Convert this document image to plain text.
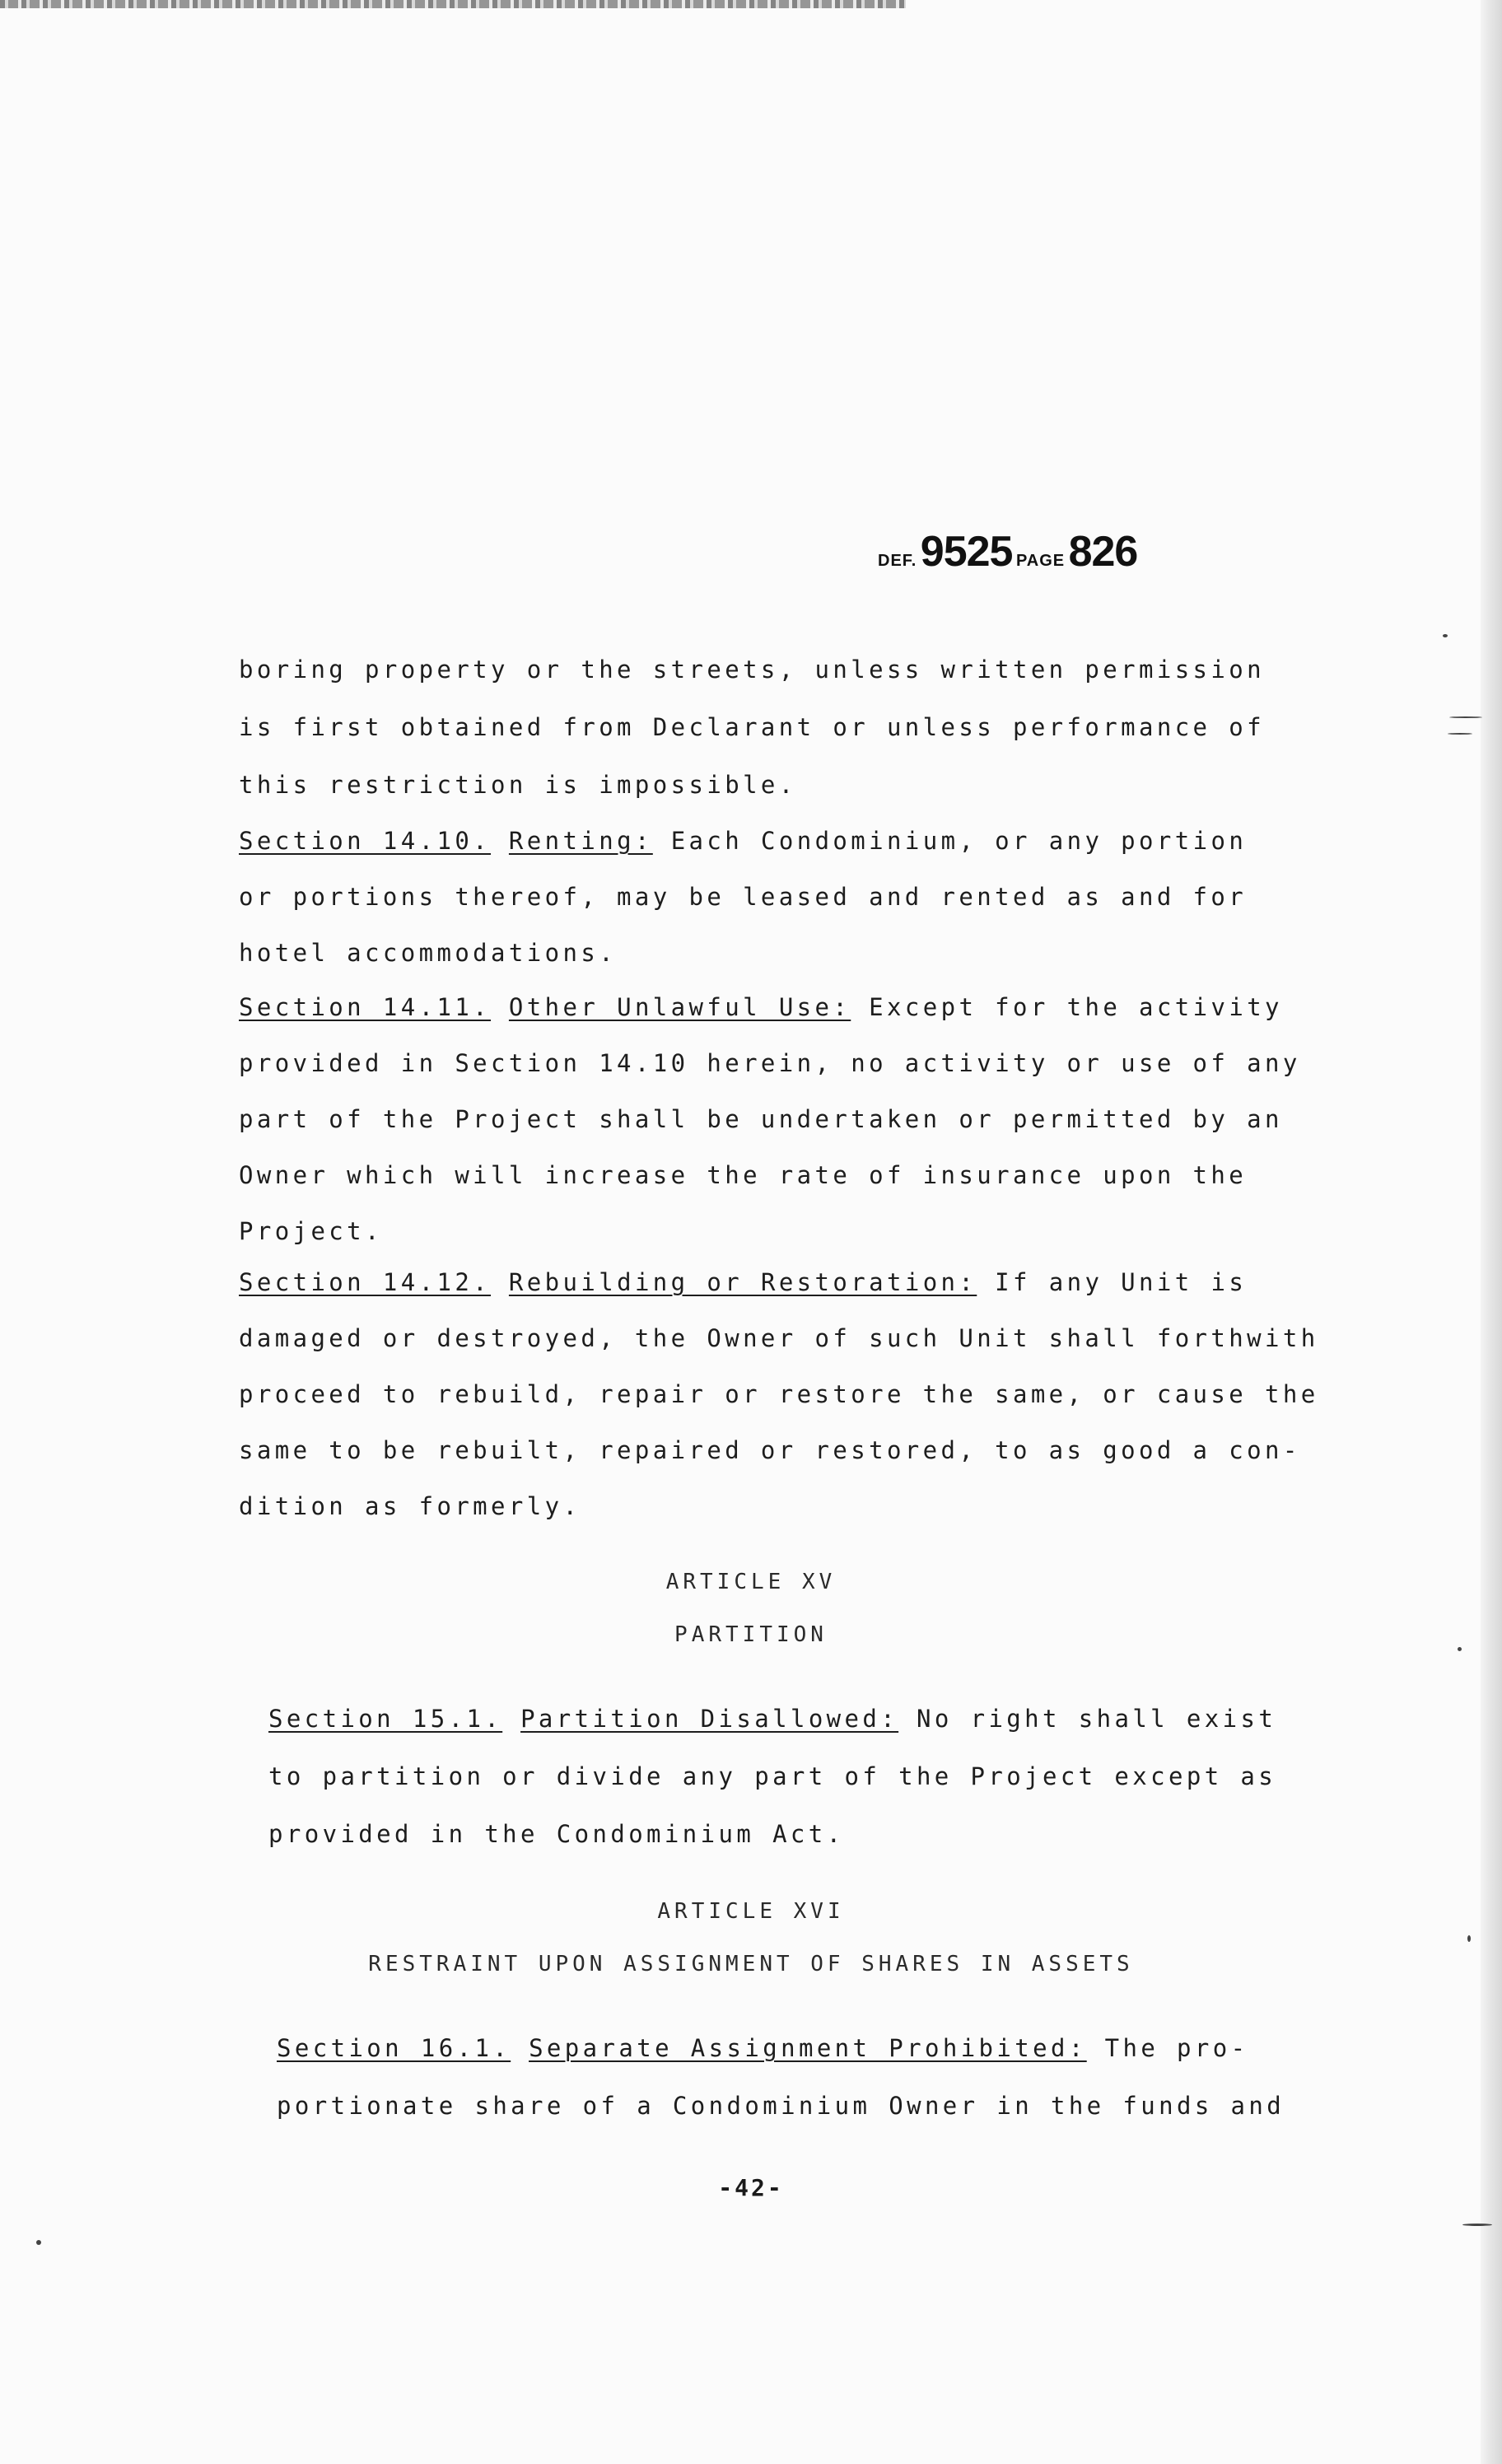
DEF. 9525 PAGE 826
boring property or the streets, unless written permission
is first obtained from Declarant or unless performance of
this restriction is impossible.
Section 14.10. Renting: Each Condominium, or any portion
or portions thereof, may be leased and rented as and for
hotel accommodations.
Section 14.11. Other Unlawful Use: Except for the activity
provided in Section 14.10 herein, no activity or use of any
part of the Project shall be undertaken or permitted by an
Owner which will increase the rate of insurance upon the
Project.
Section 14.12. Rebuilding or Restoration: If any Unit is
damaged or destroyed, the Owner of such Unit shall forthwith
proceed to rebuild, repair or restore the same, or cause the
same to be rebuilt, repaired or restored, to as good a con-
dition as formerly.
ARTICLE XV
PARTITION
Section 15.1. Partition Disallowed: No right shall exist
to partition or divide any part of the Project except as
provided in the Condominium Act.
ARTICLE XVI
RESTRAINT UPON ASSIGNMENT OF SHARES IN ASSETS
Section 16.1. Separate Assignment Prohibited: The pro-
portionate share of a Condominium Owner in the funds and
-42-
